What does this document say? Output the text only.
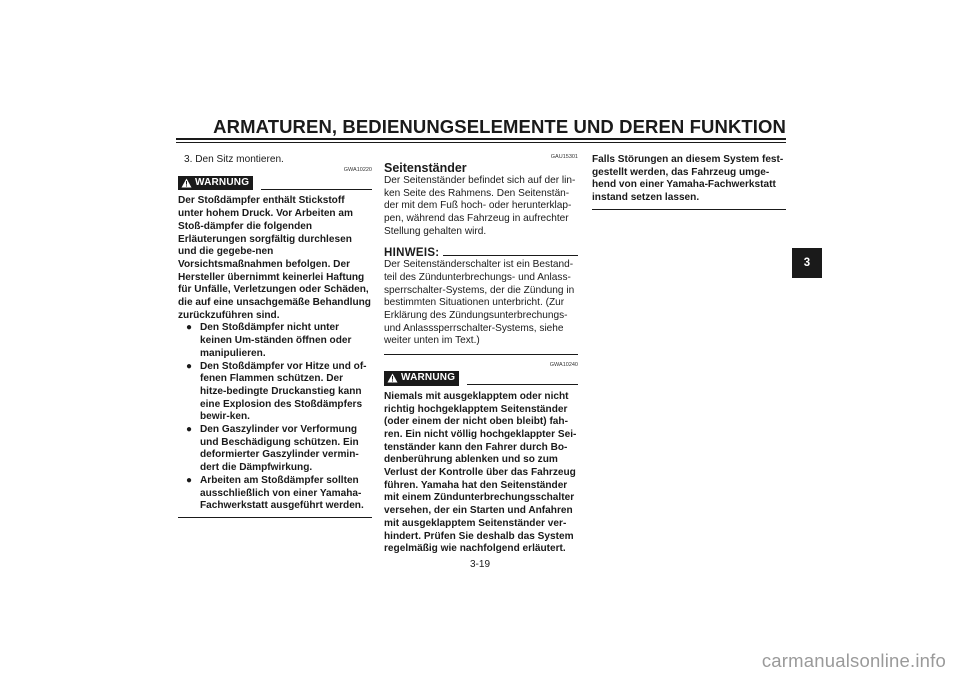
ARMATUREN, BEDIENUNGSELEMENTE UND DEREN FUNKTION
3. Den Sitz montieren.
GWA10220
WARNUNG
Der Stoßdämpfer enthält Stickstoff unter hohem Druck. Vor Arbeiten am Stoß-dämpfer die folgenden Erläuterungen sorgfältig durchlesen und die gegebe-nen Vorsichtsmaßnahmen befolgen. Der Hersteller übernimmt keinerlei Haftung für Unfälle, Verletzungen oder Schäden, die auf eine unsachgemäße Behandlung zurückzuführen sind.
● Den Stoßdämpfer nicht unter keinen Um-ständen öffnen oder manipulieren.
● Den Stoßdämpfer vor Hitze und of-fenen Flammen schützen. Der hitze-bedingte Druckanstieg kann eine Explosion des Stoßdämpfers bewir-ken.
● Den Gaszylinder vor Verformung und Beschädigung schützen. Ein deformierter Gaszylinder vermin-dert die Dämpfwirkung.
● Arbeiten am Stoßdämpfer sollten ausschließlich von einer Yamaha-Fachwerkstatt ausgeführt werden.
GAU15301
Seitenständer
Der Seitenständer befindet sich auf der lin-ken Seite des Rahmens. Den Seitenstän-der mit dem Fuß hoch- oder herunterklap-pen, während das Fahrzeug in aufrechter Stellung gehalten wird.
HINWEIS:
Der Seitenständerschalter ist ein Bestand-teil des Zündunterbrechungs- und Anlass-sperrschalter-Systems, der die Zündung in bestimmten Situationen unterbricht. (Zur Erklärung des Zündungsunterbrechungs- und Anlasssperrschalter-Systems, siehe weiter unten im Text.)
GWA10240
WARNUNG
Niemals mit ausgeklapptem oder nicht richtig hochgeklapptem Seitenständer (oder einem der nicht oben bleibt) fah-ren. Ein nicht völlig hochgeklappter Sei-tenständer kann den Fahrer durch Bo-denberührung ablenken und so zum Verlust der Kontrolle über das Fahrzeug führen. Yamaha hat den Seitenständer mit einem Zündunterbrechungsschalter versehen, der ein Starten und Anfahren mit ausgeklapptem Seitenständer ver-hindert. Prüfen Sie deshalb das System regelmäßig wie nachfolgend erläutert.
Falls Störungen an diesem System fest-gestellt werden, das Fahrzeug umge-hend von einer Yamaha-Fachwerkstatt instand setzen lassen.
3
3-19
carmanualsonline.info
